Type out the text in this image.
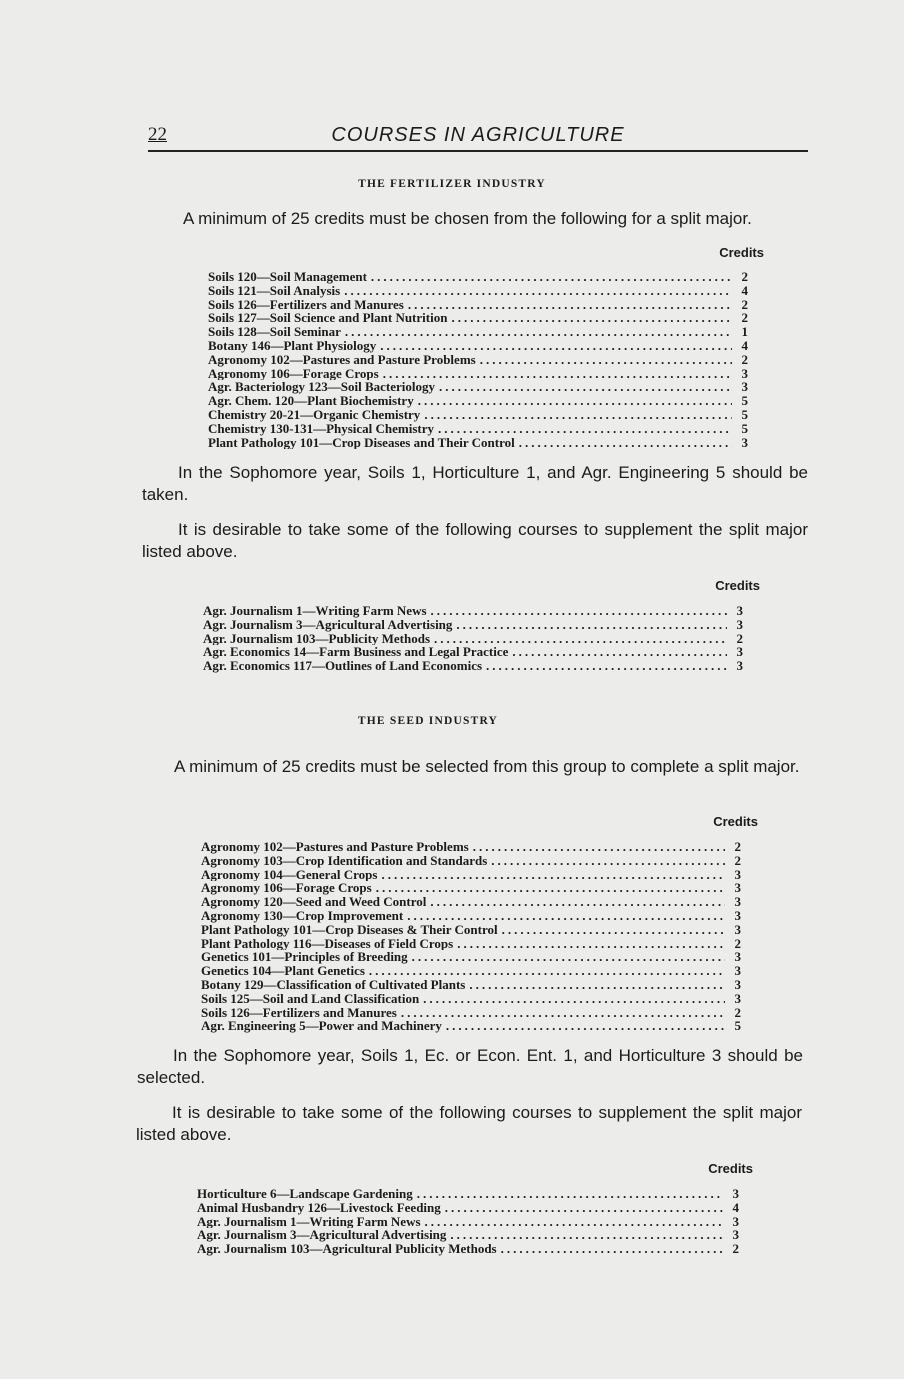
22	COURSES IN AGRICULTURE
THE FERTILIZER INDUSTRY
A minimum of 25 credits must be chosen from the following for a split major.
Credits
Soils 120—Soil Management .....	2
Soils 121—Soil Analysis .....	4
Soils 126—Fertilizers and Manures .....	2
Soils 127—Soil Science and Plant Nutrition .....	2
Soils 128—Soil Seminar .....	1
Botany 146—Plant Physiology .....	4
Agronomy 102—Pastures and Pasture Problems .....	2
Agronomy 106—Forage Crops .....	3
Agr. Bacteriology 123—Soil Bacteriology .....	3
Agr. Chem. 120—Plant Biochemistry .....	5
Chemistry 20-21—Organic Chemistry .....	5
Chemistry 130-131—Physical Chemistry .....	5
Plant Pathology 101—Crop Diseases and Their Control .....	3
In the Sophomore year, Soils 1, Horticulture 1, and Agr. Engineering 5 should be taken.
It is desirable to take some of the following courses to supplement the split major listed above.
Credits
Agr. Journalism 1—Writing Farm News .....	3
Agr. Journalism 3—Agricultural Advertising .....	3
Agr. Journalism 103—Publicity Methods .....	2
Agr. Economics 14—Farm Business and Legal Practice .....	3
Agr. Economics 117—Outlines of Land Economics .....	3
THE SEED INDUSTRY
A minimum of 25 credits must be selected from this group to complete a split major.
Credits
Agronomy 102—Pastures and Pasture Problems .....	2
Agronomy 103—Crop Identification and Standards .....	2
Agronomy 104—General Crops .....	3
Agronomy 106—Forage Crops .....	3
Agronomy 120—Seed and Weed Control .....	3
Agronomy 130—Crop Improvement .....	3
Plant Pathology 101—Crop Diseases & Their Control .....	3
Plant Pathology 116—Diseases of Field Crops .....	2
Genetics 101—Principles of Breeding .....	3
Genetics 104—Plant Genetics .....	3
Botany 129—Classification of Cultivated Plants .....	3
Soils 125—Soil and Land Classification .....	3
Soils 126—Fertilizers and Manures .....	2
Agr. Engineering 5—Power and Machinery .....	5
In the Sophomore year, Soils 1, Ec. or Econ. Ent. 1, and Horticulture 3 should be selected.
It is desirable to take some of the following courses to supplement the split major listed above.
Credits
Horticulture 6—Landscape Gardening .....	3
Animal Husbandry 126—Livestock Feeding .....	4
Agr. Journalism 1—Writing Farm News .....	3
Agr. Journalism 3—Agricultural Advertising .....	3
Agr. Journalism 103—Agricultural Publicity Methods .....	2
